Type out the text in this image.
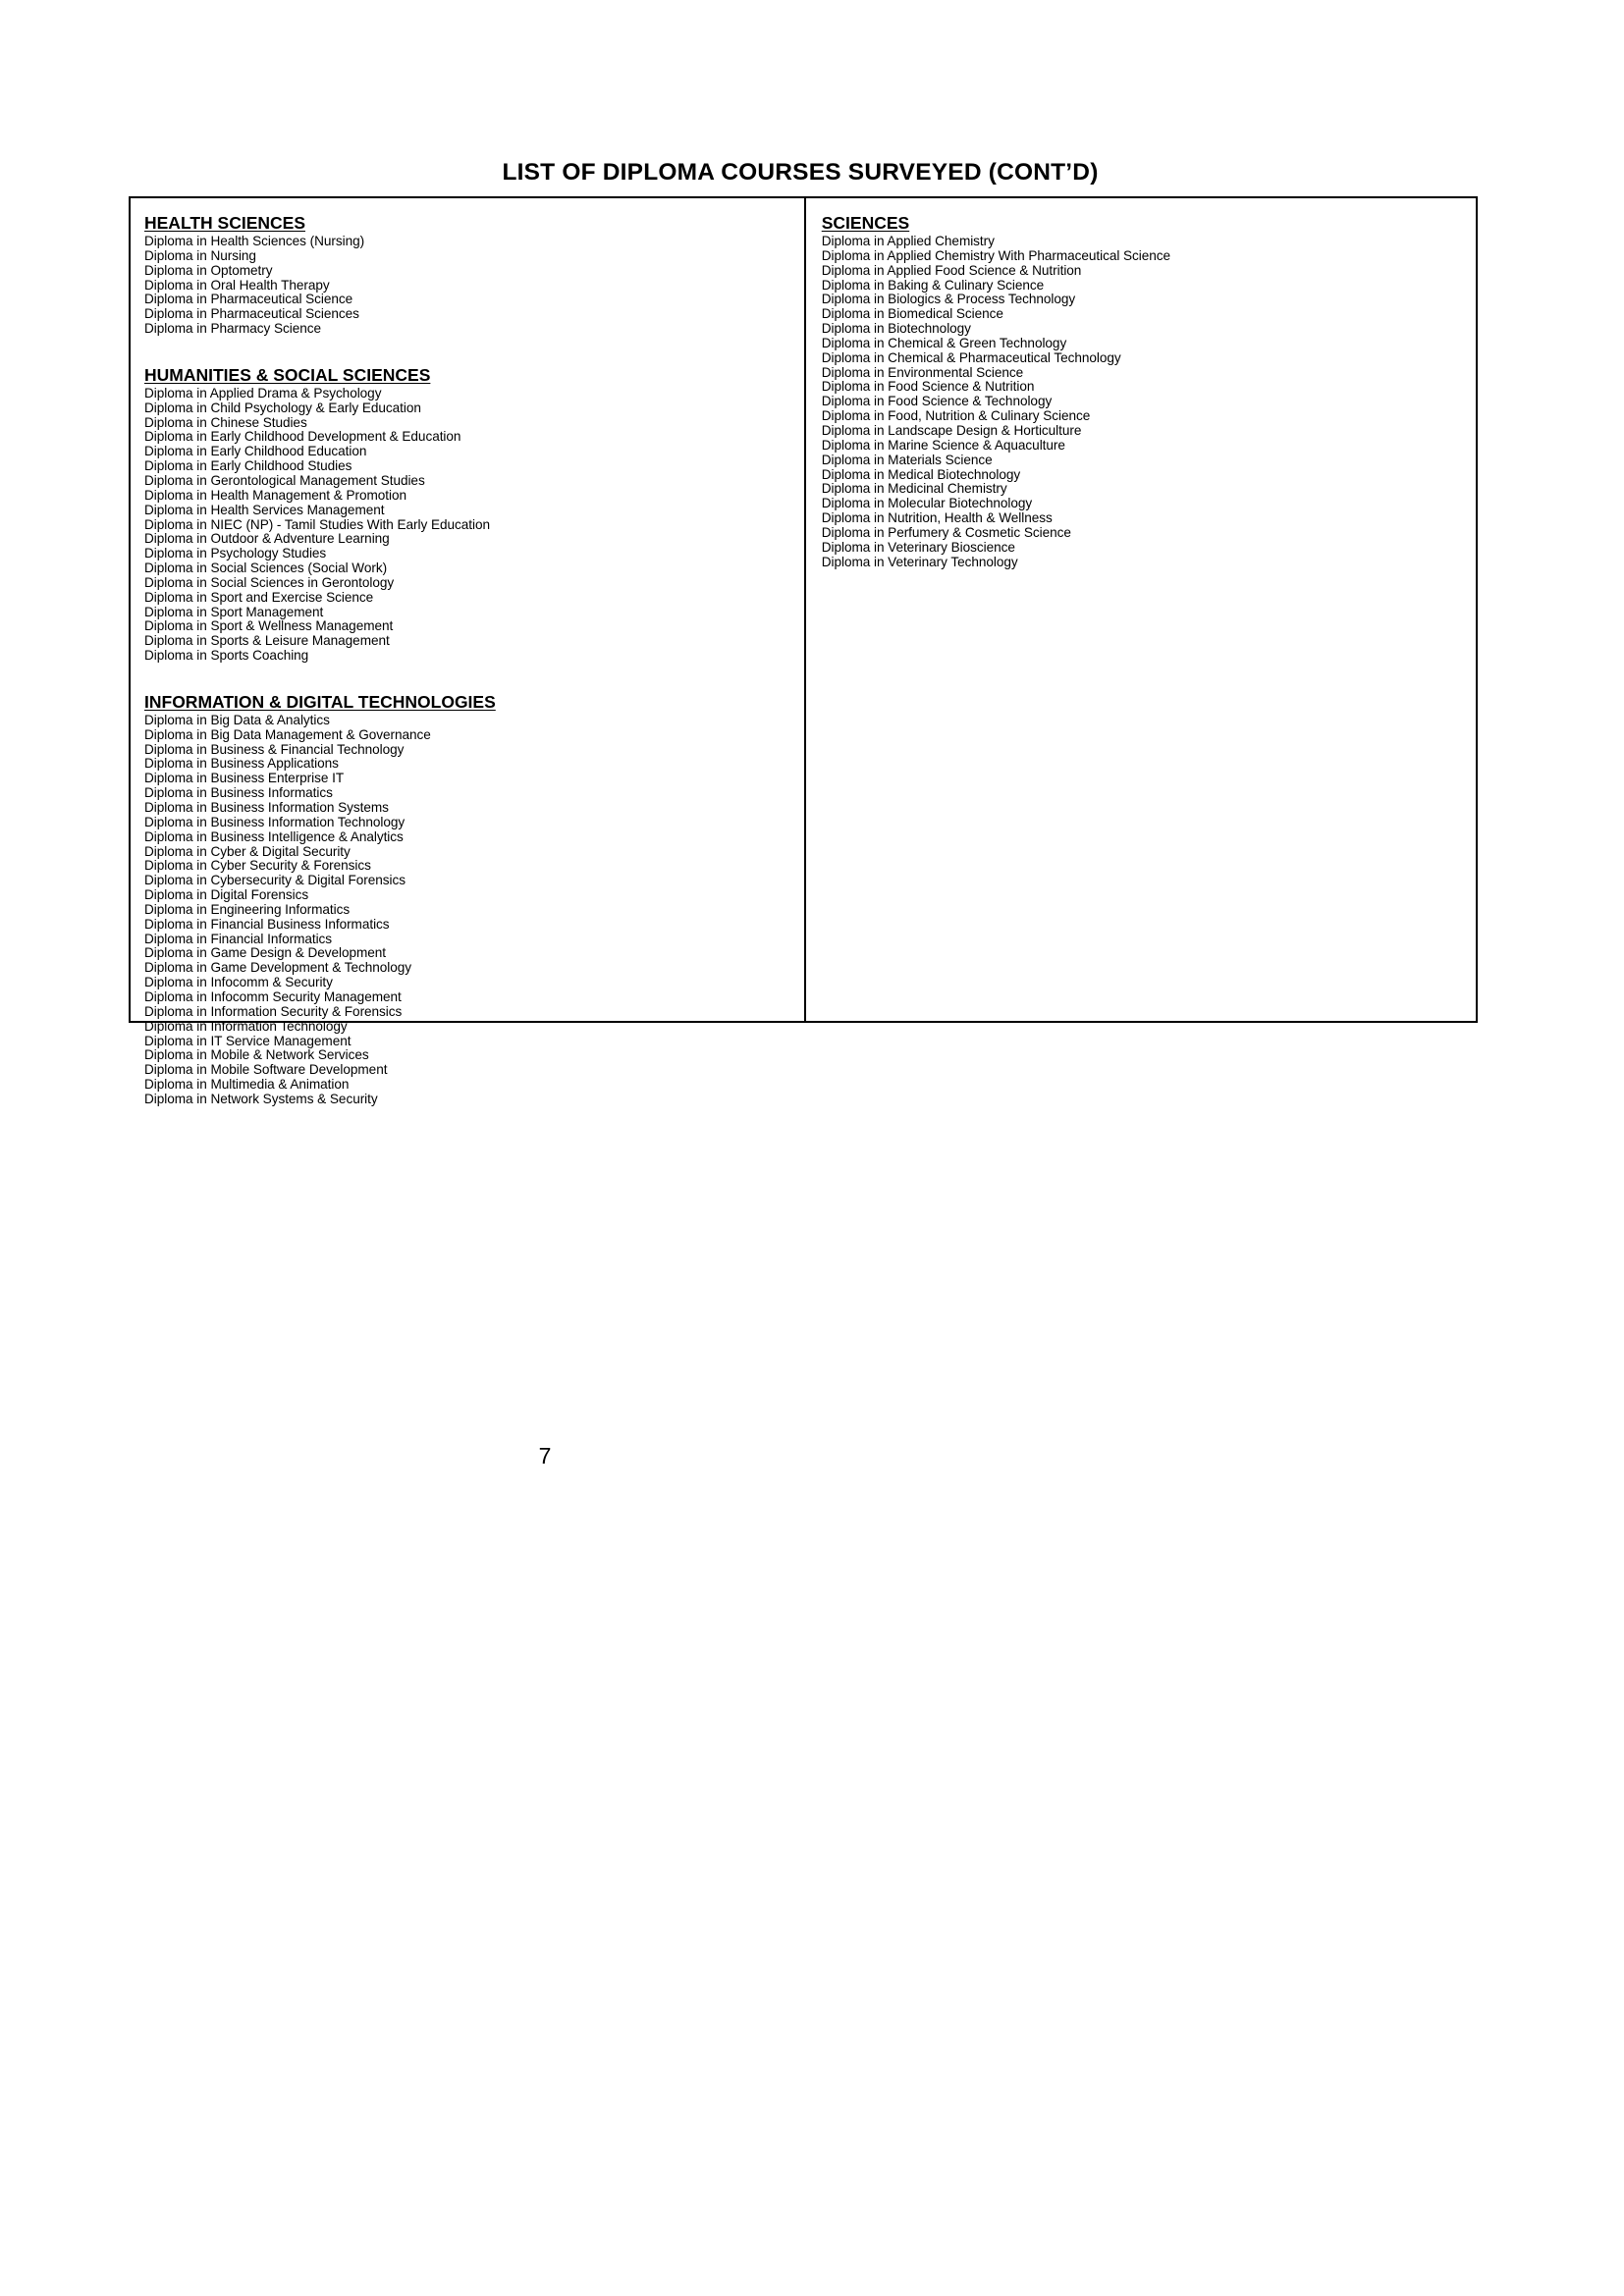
LIST OF DIPLOMA COURSES SURVEYED (CONT’D)
HEALTH SCIENCES
Diploma in Health Sciences (Nursing)
Diploma in Nursing
Diploma in Optometry
Diploma in Oral Health Therapy
Diploma in Pharmaceutical Science
Diploma in Pharmaceutical Sciences
Diploma in Pharmacy Science
HUMANITIES & SOCIAL SCIENCES
Diploma in Applied Drama & Psychology
Diploma in Child Psychology & Early Education
Diploma in Chinese Studies
Diploma in Early Childhood Development & Education
Diploma in Early Childhood Education
Diploma in Early Childhood Studies
Diploma in Gerontological Management Studies
Diploma in Health Management & Promotion
Diploma in Health Services Management
Diploma in NIEC (NP) - Tamil Studies With Early Education
Diploma in Outdoor & Adventure Learning
Diploma in Psychology Studies
Diploma in Social Sciences (Social Work)
Diploma in Social Sciences in Gerontology
Diploma in Sport and Exercise Science
Diploma in Sport Management
Diploma in Sport & Wellness Management
Diploma in Sports & Leisure Management
Diploma in Sports Coaching
INFORMATION & DIGITAL TECHNOLOGIES
Diploma in Big Data & Analytics
Diploma in Big Data Management & Governance
Diploma in Business & Financial Technology
Diploma in Business Applications
Diploma in Business Enterprise IT
Diploma in Business Informatics
Diploma in Business Information Systems
Diploma in Business Information Technology
Diploma in Business Intelligence & Analytics
Diploma in Cyber & Digital Security
Diploma in Cyber Security & Forensics
Diploma in Cybersecurity & Digital Forensics
Diploma in Digital Forensics
Diploma in Engineering Informatics
Diploma in Financial Business Informatics
Diploma in Financial Informatics
Diploma in Game Design & Development
Diploma in Game Development & Technology
Diploma in Infocomm & Security
Diploma in Infocomm Security Management
Diploma in Information Security & Forensics
Diploma in Information Technology
Diploma in IT Service Management
Diploma in Mobile & Network Services
Diploma in Mobile Software Development
Diploma in Multimedia & Animation
Diploma in Network Systems & Security
SCIENCES
Diploma in Applied Chemistry
Diploma in Applied Chemistry With Pharmaceutical Science
Diploma in Applied Food Science & Nutrition
Diploma in Baking & Culinary Science
Diploma in Biologics & Process Technology
Diploma in Biomedical Science
Diploma in Biotechnology
Diploma in Chemical & Green Technology
Diploma in Chemical & Pharmaceutical Technology
Diploma in Environmental Science
Diploma in Food Science & Nutrition
Diploma in Food Science & Technology
Diploma in Food, Nutrition & Culinary Science
Diploma in Landscape Design & Horticulture
Diploma in Marine Science & Aquaculture
Diploma in Materials Science
Diploma in Medical Biotechnology
Diploma in Medicinal Chemistry
Diploma in Molecular Biotechnology
Diploma in Nutrition, Health & Wellness
Diploma in Perfumery & Cosmetic Science
Diploma in Veterinary Bioscience
Diploma in Veterinary Technology
7
